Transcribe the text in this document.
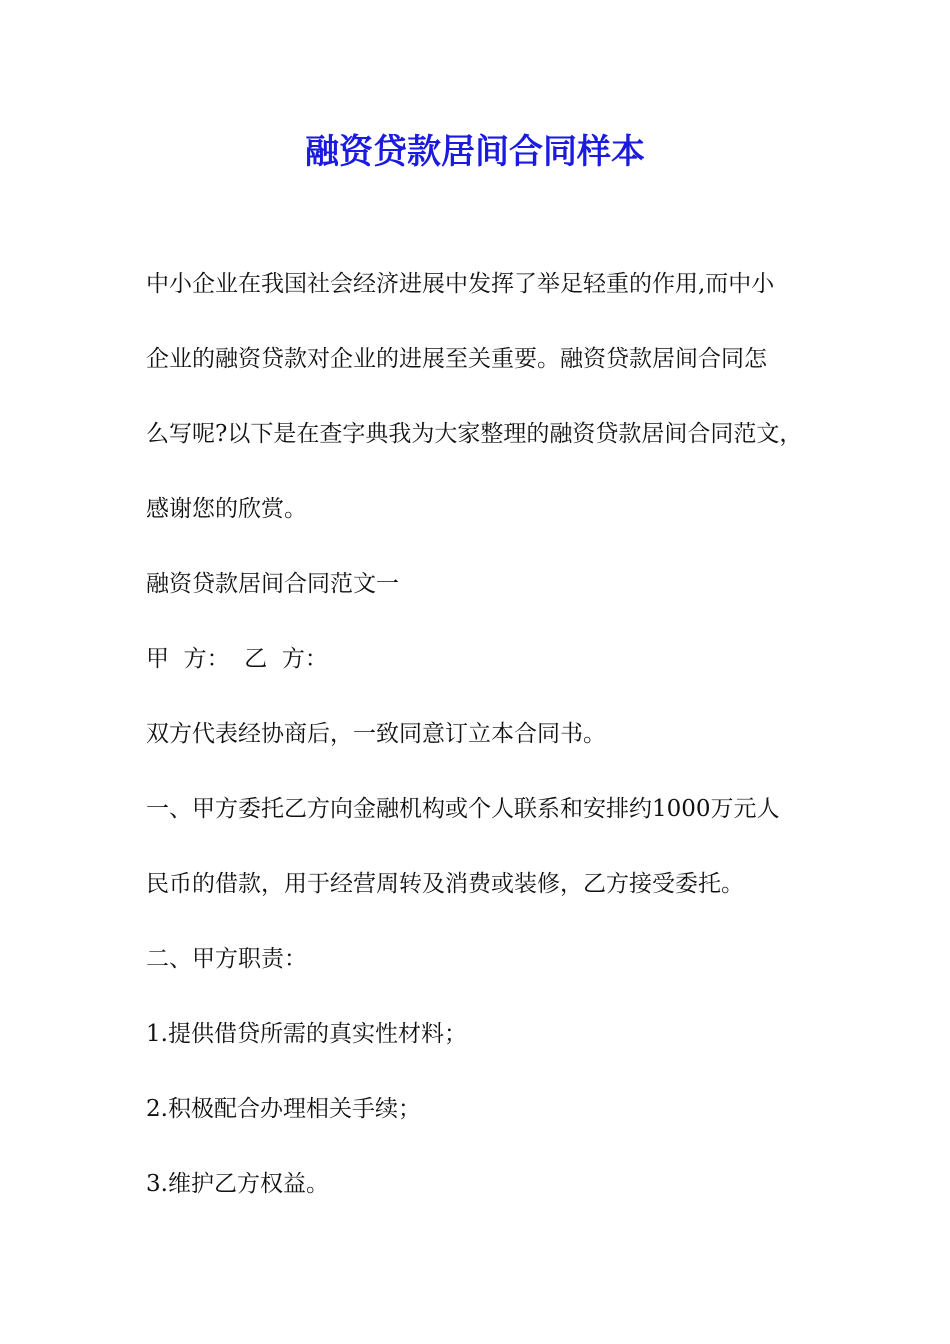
融资贷款居间合同样本
中小企业在我国社会经济进展中发挥了举足轻重的作用,而中小
企业的融资贷款对企业的进展至关重要。融资贷款居间合同怎
么写呢?以下是在查字典我为大家整理的融资贷款居间合同范文，
感谢您的欣赏。
融资贷款居间合同范文一
甲  方：  乙  方：
双方代表经协商后，一致同意订立本合同书。
一、甲方委托乙方向金融机构或个人联系和安排约1000万元人
民币的借款，用于经营周转及消费或装修，乙方接受委托。
二、甲方职责：
1.提供借贷所需的真实性材料；
2.积极配合办理相关手续；
3.维护乙方权益。
